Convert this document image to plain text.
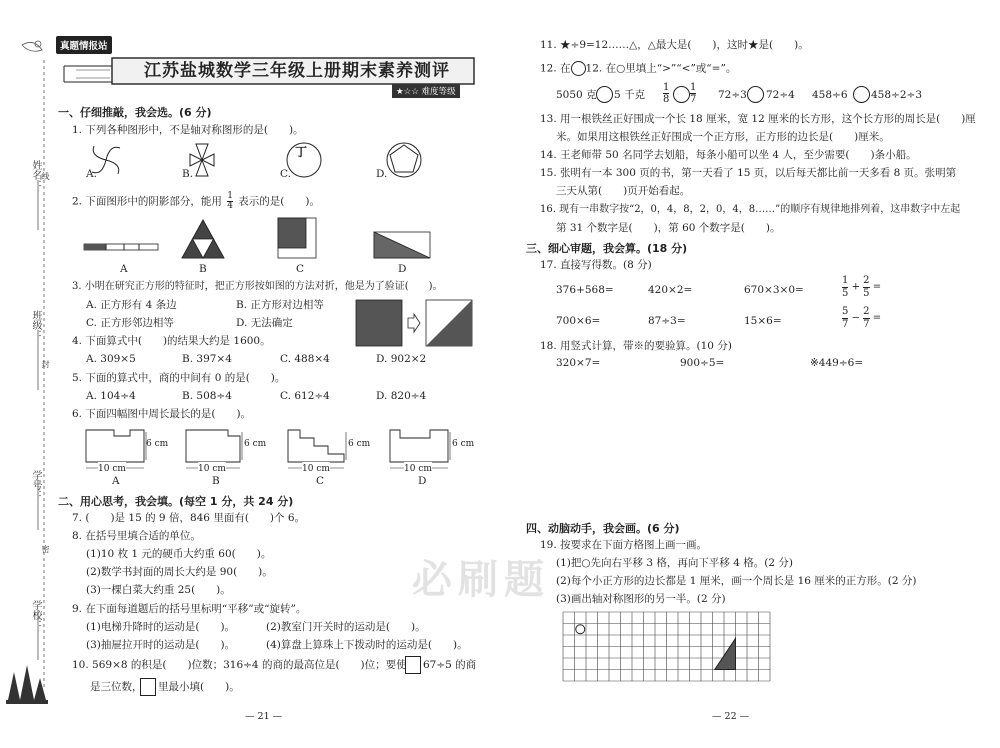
姓名： 线
班级：
封
学号：
密
学校：
真题情报站
江苏盐城数学三年级上册期末素养测评
★☆☆ 难度等级
一、仔细推敲，我会选。(6 分)
1. 下列各种图形中，不是轴对称图形的是(　　)。
丁
A.	B.	C.	D.
2. 下面图形中的阴影部分，能用 $\frac{1}{4}$ 表示的是(　　)。
A	B	C	D
3. 小明在研究正方形的特征时，把正方形按如图的方法对折，他是为了验证(　　)。
A. 正方形有 4 条边	B. 正方形对边相等
C. 正方形邻边相等	D. 无法确定
4. 下面算式中(　　)的结果大约是 1600。
A. 309×5	B. 397×4	C. 488×4	D. 902×2
5. 下面的算式中，商的中间有 0 的是(　　)。
A. 104÷4	B. 508÷4	C. 612÷4	D. 820÷4
6. 下面四幅图中周长最长的是(　　)。
6 cm	6 cm	6 cm	6 cm
10 cm	10 cm	10 cm	10 cm
A	B	C	D
二、用心思考，我会填。(每空 1 分，共 24 分)
7. (　　)是 15 的 9 倍，846 里面有(　　)个 6。
8. 在括号里填合适的单位。
(1)10 枚 1 元的硬币大约重 60(　　)。
(2)数学书封面的周长大约是 90(　　)。
(3)一棵白菜大约重 25(　　)。
9. 在下面每道题后的括号里标明“平移”或“旋转”。
(1)电梯升降时的运动是(　　)。	(2)教室门开关时的运动是(　　)。
(3)抽屉拉开时的运动是(　　)。	(4)算盘上算珠上下拨动时的运动是(　　)。
10. 569×8 的积是(　　)位数；316÷4 的商的最高位是(　　)位；要使 67÷5 的商
是三位数， 里最小填(　　)。
— 21 —
11. ★÷9=12……△，△最大是(　　)，这时★是(　　)。
12. 在 12. 在○里填上“>”“<”或“=”。
5050 克 5 千克
1
8
1
7 72÷3 72÷4 458÷6 458÷2÷3
13. 用一根铁丝正好围成一个长 18 厘米，宽 12 厘米的长方形，这个长方形的周长是(　　)厘
米。如果用这根铁丝正好围成一个正方形，正方形的边长是(　　)厘米。
14. 王老师带 50 名同学去划船，每条小船可以坐 4 人，至少需要(　　)条小船。
15. 张明有一本 300 页的书，第一天看了 15 页，以后每天都比前一天多看 8 页。张明第
三天从第(　　)页开始看起。
16. 现有一串数字按“2，0，4，8，2，0，4，8……”的顺序有规律地排列着，这串数字中左起
第 31 个数字是(　　)，第 60 个数字是(　　)。
三、细心审题，我会算。(18 分)
17. 直接写得数。(8 分)
376+568=	420×2=	670×3×0=	$\frac{1}{5} + \frac{2}{5}$ =
700×6=	87÷3=	15×6=	$\frac{5}{7} - \frac{2}{7}$ =
18. 用竖式计算，带※的要验算。(10 分)
320×7=	900÷5=	※449÷6=
必刷题
四、动脑动手，我会画。(6 分)
19. 按要求在下面方格图上画一画。
(1)把○先向右平移 3 格，再向下平移 4 格。(2 分)
(2)每个小正方形的边长都是 1 厘米，画一个周长是 16 厘米的正方形。(2 分)
(3)画出轴对称图形的另一半。(2 分)
— 22 —
